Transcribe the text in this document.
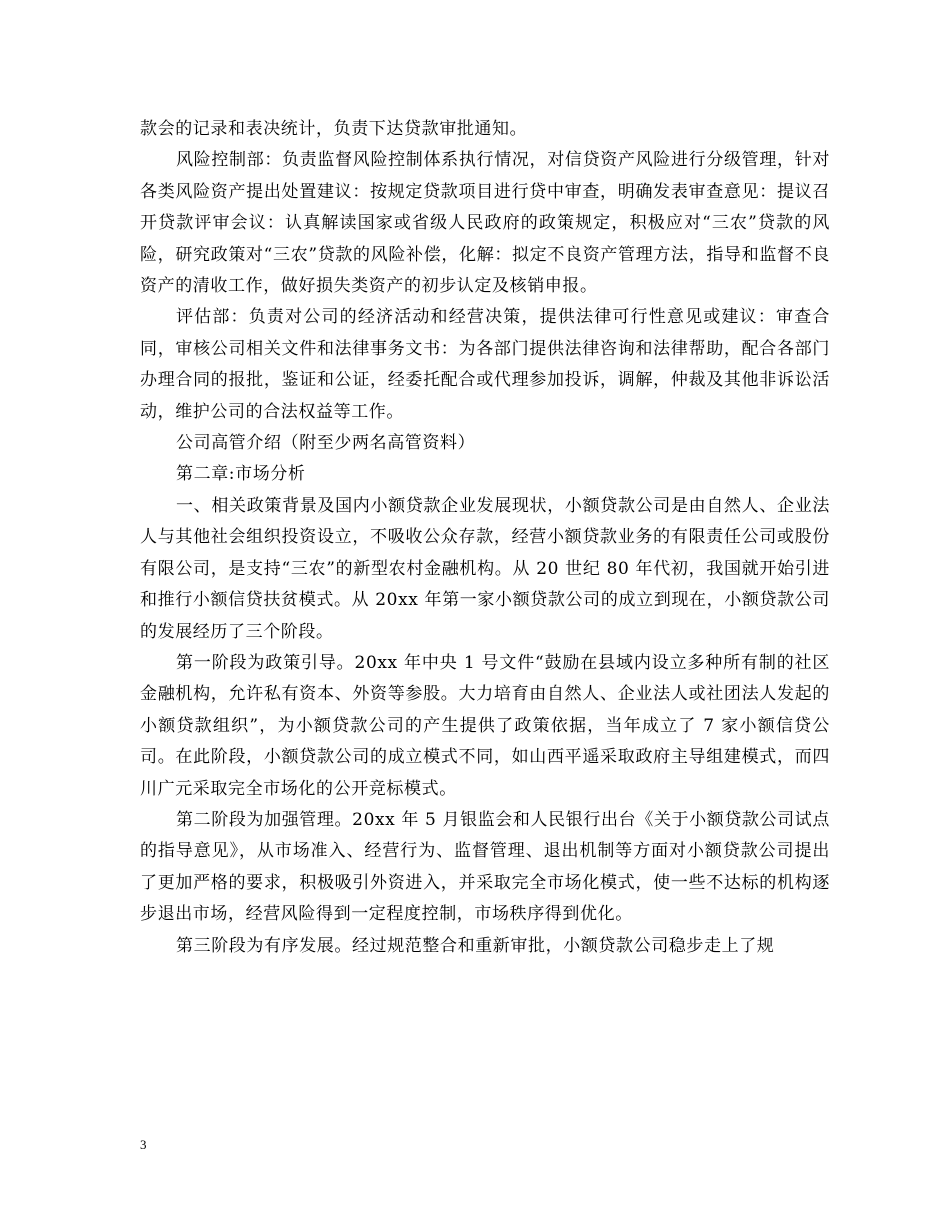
款会的记录和表决统计，负责下达贷款审批通知。

风险控制部：负责监督风险控制体系执行情况，对信贷资产风险进行分级管理，针对各类风险资产提出处置建议：按规定贷款项目进行贷中审查，明确发表审查意见：提议召开贷款评审会议：认真解读国家或省级人民政府的政策规定，积极应对“三农”贷款的风险，研究政策对“三农”贷款的风险补偿，化解：拟定不良资产管理方法，指导和监督不良资产的清收工作，做好损失类资产的初步认定及核销申报。

评估部：负责对公司的经济活动和经营决策，提供法律可行性意见或建议：审查合同，审核公司相关文件和法律事务文书：为各部门提供法律咨询和法律帮助，配合各部门办理合同的报批，鉴证和公证，经委托配合或代理参加投诉，调解，仲裁及其他非诉讼活动，维护公司的合法权益等工作。

公司高管介绍（附至少两名高管资料）

第二章:市场分析

一、相关政策背景及国内小额贷款企业发展现状，小额贷款公司是由自然人、企业法人与其他社会组织投资设立，不吸收公众存款，经营小额贷款业务的有限责任公司或股份有限公司，是支持“三农”的新型农村金融机构。从 20 世纪 80 年代初，我国就开始引进和推行小额信贷扶贫模式。从 20xx 年第一家小额贷款公司的成立到现在，小额贷款公司的发展经历了三个阶段。

第一阶段为政策引导。20xx 年中央 1 号文件“鼓励在县域内设立多种所有制的社区金融机构，允许私有资本、外资等参股。大力培育由自然人、企业法人或社团法人发起的小额贷款组织”，为小额贷款公司的产生提供了政策依据，当年成立了 7 家小额信贷公司。在此阶段，小额贷款公司的成立模式不同，如山西平遥采取政府主导组建模式，而四川广元采取完全市场化的公开竞标模式。

第二阶段为加强管理。20xx 年 5 月银监会和人民银行出台《关于小额贷款公司试点的指导意见》，从市场准入、经营行为、监督管理、退出机制等方面对小额贷款公司提出了更加严格的要求，积极吸引外资进入，并采取完全市场化模式，使一些不达标的机构逐步退出市场，经营风险得到一定程度控制，市场秩序得到优化。

第三阶段为有序发展。经过规范整合和重新审批，小额贷款公司稳步走上了规

3
